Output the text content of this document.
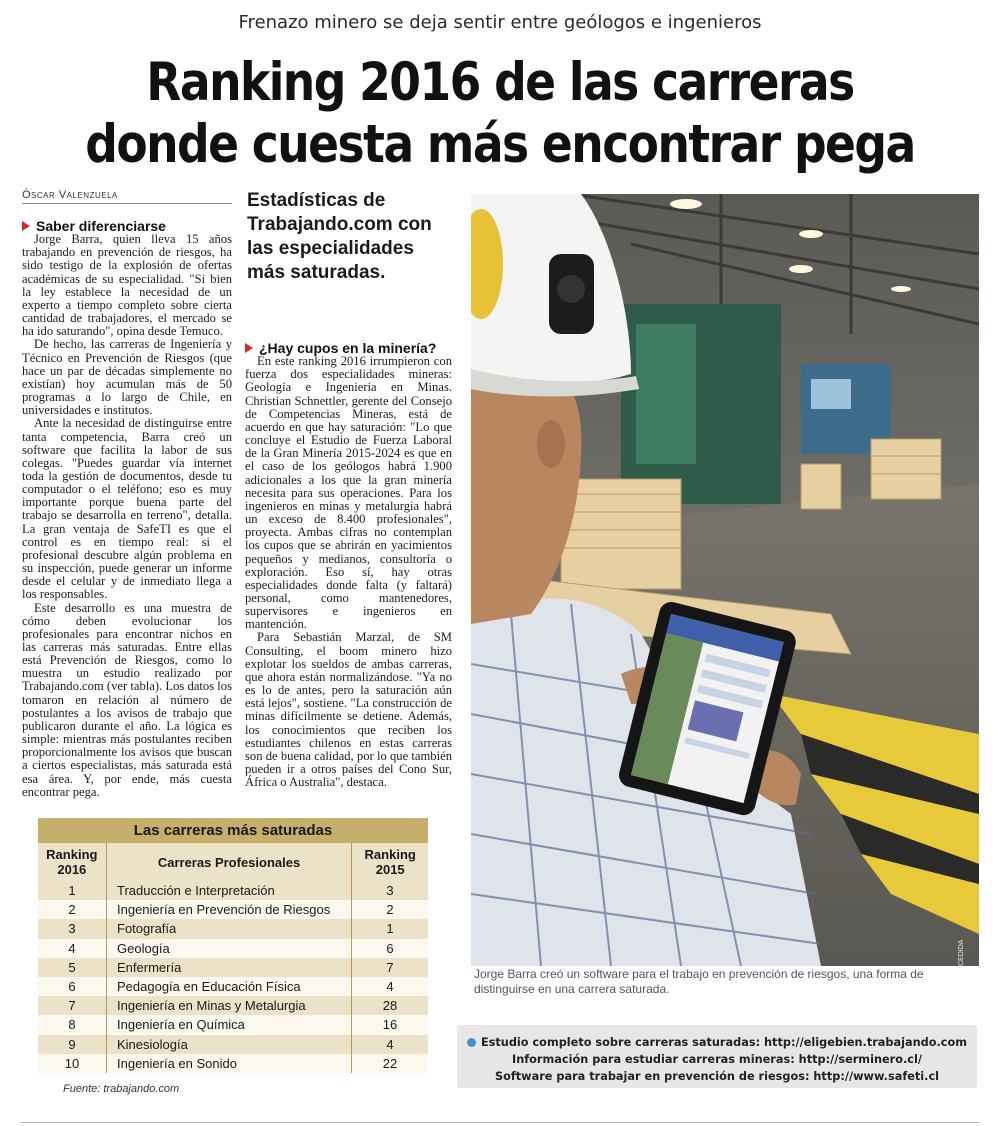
Frenazo minero se deja sentir entre geólogos e ingenieros
Ranking 2016 de las carreras
donde cuesta más encontrar pega
Óscar Valenzuela	Estadísticas de Trabajando.com con las especialidades más saturadas.

Saber diferenciarse

Jorge Barra, quien lleva 15 años trabajando en prevención de riesgos, ha sido testigo de la explosión de ofertas académicas de su especialidad. "Si bien la ley establece la necesidad de un experto a tiempo completo sobre cierta cantidad de trabajadores, el mercado se ha ido saturando", opina desde Temuco.

De hecho, las carreras de Ingeniería y Técnico en Prevención de Riesgos (que hace un par de décadas simplemente no existían) hoy acumulan más de 50 programas a lo largo de Chile, en universidades e institutos.

Ante la necesidad de distinguirse entre tanta competencia, Barra creó un software que facilita la labor de sus colegas. "Puedes guardar vía internet toda la gestión de documentos, desde tu computador o el teléfono; eso es muy importante porque buena parte del trabajo se desarrolla en terreno", detalla. La gran ventaja de SafeTI es que el control es en tiempo real: si el profesional descubre algún problema en su inspección, puede generar un informe desde el celular y de inmediato llega a los responsables.

Este desarrollo es una muestra de cómo deben evolucionar los profesionales para encontrar nichos en las carreras más saturadas. Entre ellas está Prevención de Riesgos, como lo muestra un estudio realizado por Trabajando.com (ver tabla). Los datos los tomaron en relación al número de postulantes a los avisos de trabajo que publicaron durante el año. La lógica es simple: mientras más postulantes reciben proporcionalmente los avisos que buscan a ciertos especialistas, más saturada está esa área. Y, por ende, más cuesta encontrar pega.

¿Hay cupos en la minería?

En este ranking 2016 irrumpieron con fuerza dos especialidades mineras: Geología e Ingeniería en Minas. Christian Schnettler, gerente del Consejo de Competencias Mineras, está de acuerdo en que hay saturación: "Lo que concluye el Estudio de Fuerza Laboral de la Gran Minería 2015-2024 es que en el caso de los geólogos habrá 1.900 adicionales a los que la gran minería necesita para sus operaciones. Para los ingenieros en minas y metalurgia habrá un exceso de 8.400 profesionales", proyecta. Ambas cifras no contemplan los cupos que se abrirán en yacimientos pequeños y medianos, consultoría o exploración. Eso sí, hay otras especialidades donde falta (y faltará) personal, como mantenedores, supervisores e ingenieros en mantención.

Para Sebastián Marzal, de SM Consulting, el boom minero hizo explotar los sueldos de ambas carreras, que ahora están normalizándose. "Ya no es lo de antes, pero la saturación aún está lejos", sostiene. "La construcción de minas difícilmente se detiene. Además, los conocimientos que reciben los estudiantes chilenos en estas carreras son de buena calidad, por lo que también pueden ir a otros países del Cono Sur, África o Australia", destaca.

CEDIDA
Jorge Barra creó un software para el trabajo en prevención de riesgos, una forma de distinguirse en una carrera saturada.
Las carreras más saturadas
Ranking 2016	Carreras Profesionales	Ranking 2015
1	Traducción e Interpretación	3
2	Ingeniería en Prevención de Riesgos	2
3	Fotografía	1
4	Geología	6
5	Enfermería	7
6	Pedagogía en Educación Física	4
7	Ingeniería en Minas y Metalurgia	28
8	Ingeniería en Química	16
9	Kinesiología	4
10	Ingeniería en Sonido	22
Fuente: trabajando.com
Estudio completo sobre carreras saturadas: http://eligebien.trabajando.com
Información para estudiar carreras mineras: http://serminero.cl/
Software para trabajar en prevención de riesgos: http://www.safeti.cl
